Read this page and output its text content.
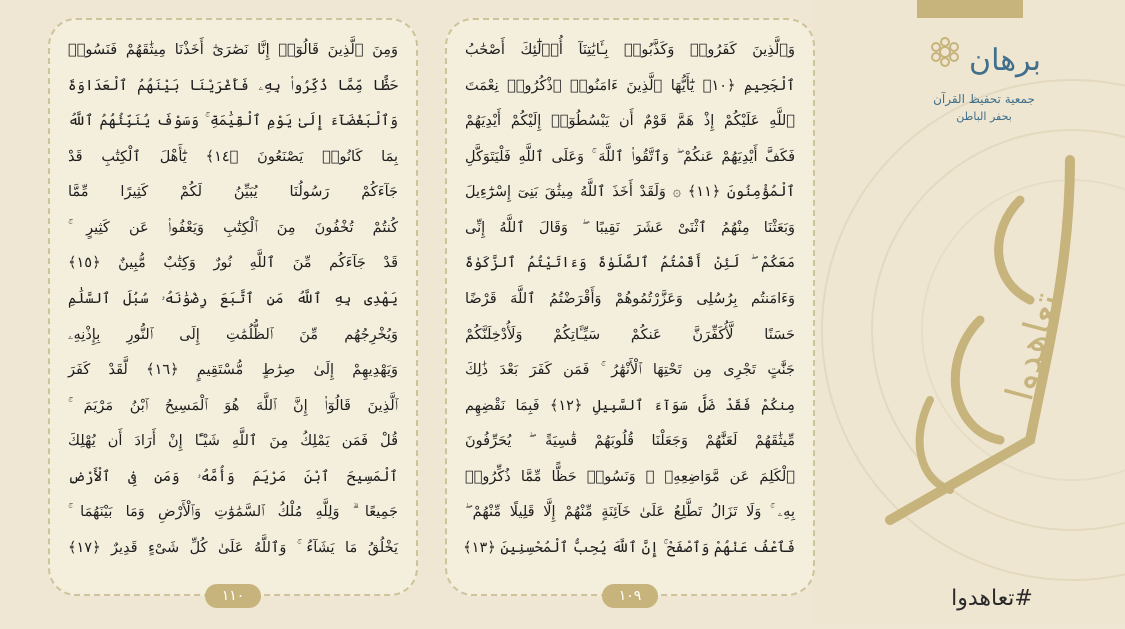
برهان
جمعية تحفيظ القرآن
بحفر الباطن
تعاهدوا
#تعاهدوا
وَمِنَ ٱلَّذِينَ قَالُوٓا۟ إِنَّا نَصَٰرَىٰٓ أَخَذْنَا مِيثَٰقَهُمْ فَنَسُوا۟
حَظًّا مِّمَّا ذُكِّرُوا۟ بِهِۦ فَأَغْرَيْنَا بَيْنَهُمُ ٱلْعَدَاوَةَ
وَٱلْبَغْضَآءَ إِلَىٰ يَوْمِ ٱلْقِيَٰمَةِ ۚ وَسَوْفَ يُنَبِّئُهُمُ ٱللَّهُ
بِمَا كَانُوا۟ يَصْنَعُونَ ﴿١٤﴾ يَٰٓأَهْلَ ٱلْكِتَٰبِ قَدْ
جَآءَكُمْ رَسُولُنَا يُبَيِّنُ لَكُمْ كَثِيرًا مِّمَّا
كُنتُمْ تُخْفُونَ مِنَ ٱلْكِتَٰبِ وَيَعْفُوا۟ عَن كَثِيرٍ ۚ
قَدْ جَآءَكُم مِّنَ ٱللَّهِ نُورٌ وَكِتَٰبٌ مُّبِينٌ ﴿١٥﴾
يَهْدِى بِهِ ٱللَّهُ مَنِ ٱتَّبَعَ رِضْوَٰنَهُۥ سُبُلَ ٱلسَّلَٰمِ
وَيُخْرِجُهُم مِّنَ ٱلظُّلُمَٰتِ إِلَى ٱلنُّورِ بِإِذْنِهِۦ
وَيَهْدِيهِمْ إِلَىٰ صِرَٰطٍ مُّسْتَقِيمٍ ﴿١٦﴾ لَّقَدْ كَفَرَ
ٱلَّذِينَ قَالُوٓا۟ إِنَّ ٱللَّهَ هُوَ ٱلْمَسِيحُ ٱبْنُ مَرْيَمَ ۚ
قُلْ فَمَن يَمْلِكُ مِنَ ٱللَّهِ شَيْـًٔا إِنْ أَرَادَ أَن يُهْلِكَ
ٱلْمَسِيحَ ٱبْنَ مَرْيَمَ وَأُمَّهُۥ وَمَن فِى ٱلْأَرْضِ
جَمِيعًا ۗ وَلِلَّهِ مُلْكُ ٱلسَّمَٰوَٰتِ وَٱلْأَرْضِ وَمَا بَيْنَهُمَا ۚ
يَخْلُقُ مَا يَشَآءُ ۚ وَٱللَّهُ عَلَىٰ كُلِّ شَىْءٍ قَدِيرٌ ﴿١٧﴾
١١٠
وَٱلَّذِينَ كَفَرُوا۟ وَكَذَّبُوا۟ بِـَٔايَٰتِنَآ أُو۟لَٰٓئِكَ أَصْحَٰبُ
ٱلْجَحِيمِ ﴿١٠﴾ يَٰٓأَيُّهَا ٱلَّذِينَ ءَامَنُوا۟ ٱذْكُرُوا۟ نِعْمَتَ
ٱللَّهِ عَلَيْكُمْ إِذْ هَمَّ قَوْمٌ أَن يَبْسُطُوٓا۟ إِلَيْكُمْ أَيْدِيَهُمْ
فَكَفَّ أَيْدِيَهُمْ عَنكُمْ ۖ وَٱتَّقُوا۟ ٱللَّهَ ۚ وَعَلَى ٱللَّهِ فَلْيَتَوَكَّلِ
ٱلْمُؤْمِنُونَ ﴿١١﴾ ۞ وَلَقَدْ أَخَذَ ٱللَّهُ مِيثَٰقَ بَنِىٓ إِسْرَٰٓءِيلَ
وَبَعَثْنَا مِنْهُمُ ٱثْنَىْ عَشَرَ نَقِيبًا ۖ وَقَالَ ٱللَّهُ إِنِّى
مَعَكُمْ ۖ لَئِنْ أَقَمْتُمُ ٱلصَّلَوٰةَ وَءَاتَيْتُمُ ٱلزَّكَوٰةَ
وَءَامَنتُم بِرُسُلِى وَعَزَّرْتُمُوهُمْ وَأَقْرَضْتُمُ ٱللَّهَ قَرْضًا
حَسَنًا لَّأُكَفِّرَنَّ عَنكُمْ سَيِّـَٔاتِكُمْ وَلَأُدْخِلَنَّكُمْ
جَنَّٰتٍ تَجْرِى مِن تَحْتِهَا ٱلْأَنْهَٰرُ ۚ فَمَن كَفَرَ بَعْدَ ذَٰلِكَ
مِنكُمْ فَقَدْ ضَلَّ سَوَآءَ ٱلسَّبِيلِ ﴿١٢﴾ فَبِمَا نَقْضِهِم
مِّيثَٰقَهُمْ لَعَنَّٰهُمْ وَجَعَلْنَا قُلُوبَهُمْ قَٰسِيَةً ۖ يُحَرِّفُونَ
ٱلْكَلِمَ عَن مَّوَاضِعِهِۦ ۙ وَنَسُوا۟ حَظًّا مِّمَّا ذُكِّرُوا۟
بِهِۦ ۚ وَلَا تَزَالُ تَطَّلِعُ عَلَىٰ خَآئِنَةٍ مِّنْهُمْ إِلَّا قَلِيلًا مِّنْهُمْ ۖ
فَٱعْفُ عَنْهُمْ وَٱصْفَحْ ۚ إِنَّ ٱللَّهَ يُحِبُّ ٱلْمُحْسِنِينَ ﴿١٣﴾
١٠٩
